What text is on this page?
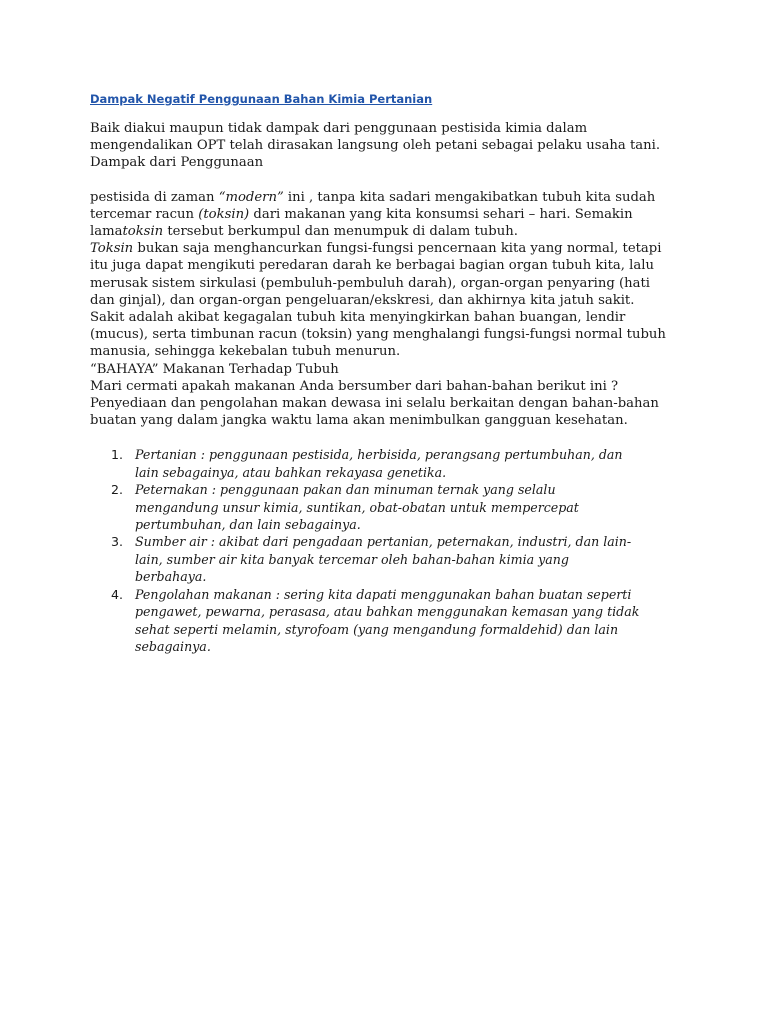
Dampak Negatif Penggunaan Bahan Kimia Pertanian

Baik diakui maupun tidak dampak dari penggunaan pestisida kimia dalam

mengendalikan OPT telah dirasakan langsung oleh petani sebagai pelaku usaha tani.

Dampak dari Penggunaan

pestisida di zaman “modern” ini , tanpa kita sadari mengakibatkan tubuh kita sudah

tercemar racun (toksin) dari makanan yang kita konsumsi sehari – hari. Semakin

lamatoksin tersebut berkumpul dan menumpuk di dalam tubuh.

Toksin bukan saja menghancurkan fungsi-fungsi pencernaan kita yang normal, tetapi

itu juga dapat mengikuti peredaran darah ke berbagai bagian organ tubuh kita, lalu

merusak sistem sirkulasi (pembuluh-pembuluh darah), organ-organ penyaring (hati

dan ginjal), dan organ-organ pengeluaran/ekskresi, dan akhirnya kita jatuh sakit.

Sakit adalah akibat kegagalan tubuh kita menyingkirkan bahan buangan, lendir

(mucus), serta timbunan racun (toksin) yang menghalangi fungsi-fungsi normal tubuh

manusia, sehingga kekebalan tubuh menurun.

“BAHAYA” Makanan Terhadap Tubuh

Mari cermati apakah makanan Anda bersumber dari bahan-bahan berikut ini ?

Penyediaan dan pengolahan makan dewasa ini selalu berkaitan dengan bahan-bahan

buatan yang dalam jangka waktu lama akan menimbulkan gangguan kesehatan.

1. Pertanian : penggunaan pestisida, herbisida, perangsang pertumbuhan, dan
lain sebagainya, atau bahkan rekayasa genetika.
2. Peternakan : penggunaan pakan dan minuman ternak yang selalu
mengandung unsur kimia, suntikan, obat-obatan untuk mempercepat
pertumbuhan, dan lain sebagainya.
3. Sumber air : akibat dari pengadaan pertanian, peternakan, industri, dan lain-
lain, sumber air kita banyak tercemar oleh bahan-bahan kimia yang
berbahaya.
4. Pengolahan makanan : sering kita dapati menggunakan bahan buatan seperti
pengawet, pewarna, perasasa, atau bahkan menggunakan kemasan yang tidak
sehat seperti melamin, styrofoam (yang mengandung formaldehid) dan lain
sebagainya.
